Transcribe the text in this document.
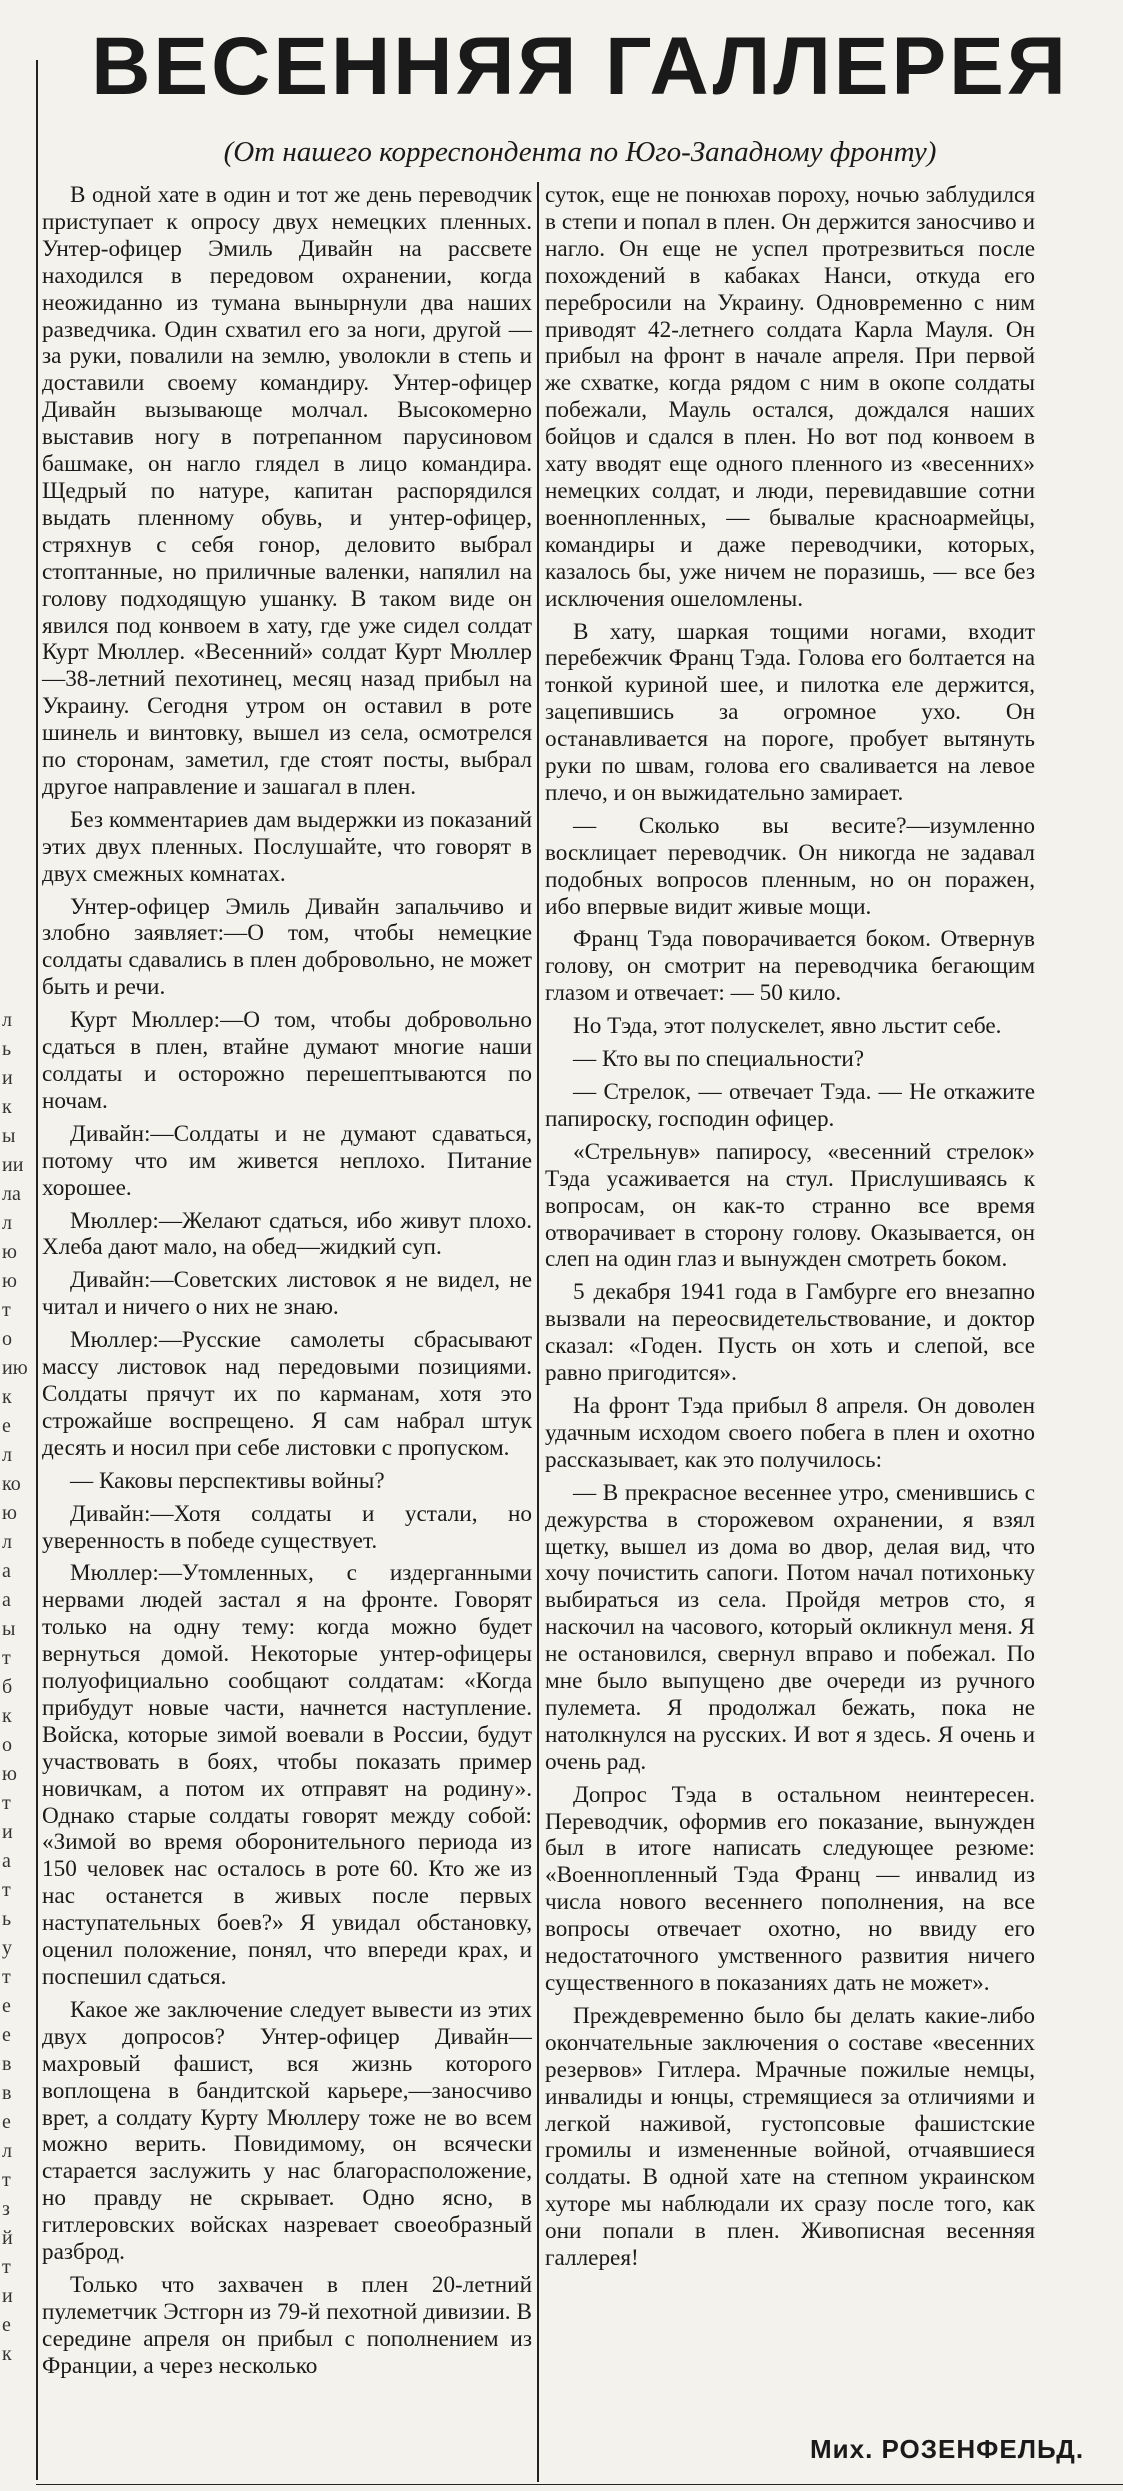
л
ь
и
к
ы
ии
ла
л
ю
ю
т
о
ию
к
е
л
ко
ю
л
а
а
ы
т
б
к
о
ю
т
и
а
т
ь
у
т
е
е
в
в
е
л
т
з
й
т
и
е
к
ВЕСЕННЯЯ ГАЛЛЕРЕЯ
(От нашего корреспондента по Юго-Западному фронту)

В одной хате в один и тот же день переводчик приступает к опросу двух немецких пленных. Унтер-офицер Эмиль Дивайн на рассвете находился в передовом охранении, когда неожиданно из тумана вынырнули два наших разведчика. Один схватил его за ноги, другой — за руки, повалили на землю, уволокли в степь и доставили своему командиру. Унтер-офицер Дивайн вызывающе молчал. Высокомерно выставив ногу в потрепанном парусиновом башмаке, он нагло глядел в лицо командира. Щедрый по натуре, капитан распорядился выдать пленному обувь, и унтер-офицер, стряхнув с себя гонор, деловито выбрал стоптанные, но приличные валенки, напялил на голову подходящую ушанку. В таком виде он явился под конвоем в хату, где уже сидел солдат Курт Мюллер. «Весенний» солдат Курт Мюллер—38-летний пехотинец, месяц назад прибыл на Украину. Сегодня утром он оставил в роте шинель и винтовку, вышел из села, осмотрелся по сторонам, заметил, где стоят посты, выбрал другое направление и зашагал в плен.

Без комментариев дам выдержки из показаний этих двух пленных. Послушайте, что говорят в двух смежных комнатах.

Унтер-офицер Эмиль Дивайн запальчиво и злобно заявляет:—О том, чтобы немецкие солдаты сдавались в плен добровольно, не может быть и речи.

Курт Мюллер:—О том, чтобы добровольно сдаться в плен, втайне думают многие наши солдаты и осторожно перешептываются по ночам.

Дивайн:—Солдаты и не думают сдаваться, потому что им живется неплохо. Питание хорошее.

Мюллер:—Желают сдаться, ибо живут плохо. Хлеба дают мало, на обед—жидкий суп.

Дивайн:—Советских листовок я не видел, не читал и ничего о них не знаю.

Мюллер:—Русские самолеты сбрасывают массу листовок над передовыми позициями. Солдаты прячут их по карманам, хотя это строжайше воспрещено. Я сам набрал штук десять и носил при себе листовки с пропуском.

— Каковы перспективы войны?

Дивайн:—Хотя солдаты и устали, но уверенность в победе существует.

Мюллер:—Утомленных, с издерганными нервами людей застал я на фронте. Говорят только на одну тему: когда можно будет вернуться домой. Некоторые унтер-офицеры полуофициально сообщают солдатам: «Когда прибудут новые части, начнется наступление. Войска, которые зимой воевали в России, будут участвовать в боях, чтобы показать пример новичкам, а потом их отправят на родину». Однако старые солдаты говорят между собой: «Зимой во время оборонительного периода из 150 человек нас осталось в роте 60. Кто же из нас останется в живых после первых наступательных боев?» Я увидал обстановку, оценил положение, понял, что впереди крах, и поспешил сдаться.

Какое же заключение следует вывести из этих двух допросов? Унтер-офицер Дивайн—махровый фашист, вся жизнь которого воплощена в бандитской карьере,—заносчиво врет, а солдату Курту Мюллеру тоже не во всем можно верить. Повидимому, он всячески старается заслужить у нас благорасположение, но правду не скрывает. Одно ясно, в гитлеровских войсках назревает своеобразный разброд.

Только что захвачен в плен 20-летний пулеметчик Эстгорн из 79-й пехотной дивизии. В середине апреля он прибыл с пополнением из Франции, а через несколько

суток, еще не понюхав пороху, ночью заблудился в степи и попал в плен. Он держится заносчиво и нагло. Он еще не успел протрезвиться после похождений в кабаках Нанси, откуда его перебросили на Украину. Одновременно с ним приводят 42-летнего солдата Карла Мауля. Он прибыл на фронт в начале апреля. При первой же схватке, когда рядом с ним в окопе солдаты побежали, Мауль остался, дождался наших бойцов и сдался в плен. Но вот под конвоем в хату вводят еще одного пленного из «весенних» немецких солдат, и люди, перевидавшие сотни военнопленных, — бывалые красноармейцы, командиры и даже переводчики, которых, казалось бы, уже ничем не поразишь, — все без исключения ошеломлены.

В хату, шаркая тощими ногами, входит перебежчик Франц Тэда. Голова его болтается на тонкой куриной шее, и пилотка еле держится, зацепившись за огромное ухо. Он останавливается на пороге, пробует вытянуть руки по швам, голова его сваливается на левое плечо, и он выжидательно замирает.

— Сколько вы весите?—изумленно восклицает переводчик. Он никогда не задавал подобных вопросов пленным, но он поражен, ибо впервые видит живые мощи.

Франц Тэда поворачивается боком. Отвернув голову, он смотрит на переводчика бегающим глазом и отвечает: — 50 кило.

Но Тэда, этот полускелет, явно льстит себе.

— Кто вы по специальности?

— Стрелок, — отвечает Тэда. — Не откажите папироску, господин офицер.

«Стрельнув» папиросу, «весенний стрелок» Тэда усаживается на стул. Прислушиваясь к вопросам, он как-то странно все время отворачивает в сторону голову. Оказывается, он слеп на один глаз и вынужден смотреть боком.

5 декабря 1941 года в Гамбурге его внезапно вызвали на переосвидетельствование, и доктор сказал: «Годен. Пусть он хоть и слепой, все равно пригодится».

На фронт Тэда прибыл 8 апреля. Он доволен удачным исходом своего побега в плен и охотно рассказывает, как это получилось:

— В прекрасное весеннее утро, сменившись с дежурства в сторожевом охранении, я взял щетку, вышел из дома во двор, делая вид, что хочу почистить сапоги. Потом начал потихоньку выбираться из села. Пройдя метров сто, я наскочил на часового, который окликнул меня. Я не остановился, свернул вправо и побежал. По мне было выпущено две очереди из ручного пулемета. Я продолжал бежать, пока не натолкнулся на русских. И вот я здесь. Я очень и очень рад.

Допрос Тэда в остальном неинтересен. Переводчик, оформив его показание, вынужден был в итоге написать следующее резюме: «Военнопленный Тэда Франц — инвалид из числа нового весеннего пополнения, на все вопросы отвечает охотно, но ввиду его недостаточного умственного развития ничего существенного в показаниях дать не может».

Преждевременно было бы делать какие-либо окончательные заключения о составе «весенних резервов» Гитлера. Мрачные пожилые немцы, инвалиды и юнцы, стремящиеся за отличиями и легкой наживой, густопсовые фашистские громилы и измененные войной, отчаявшиеся солдаты. В одной хате на степном украинском хуторе мы наблюдали их сразу после того, как они попали в плен. Живописная весенняя галлерея!

Мих. РОЗЕНФЕЛЬД.
